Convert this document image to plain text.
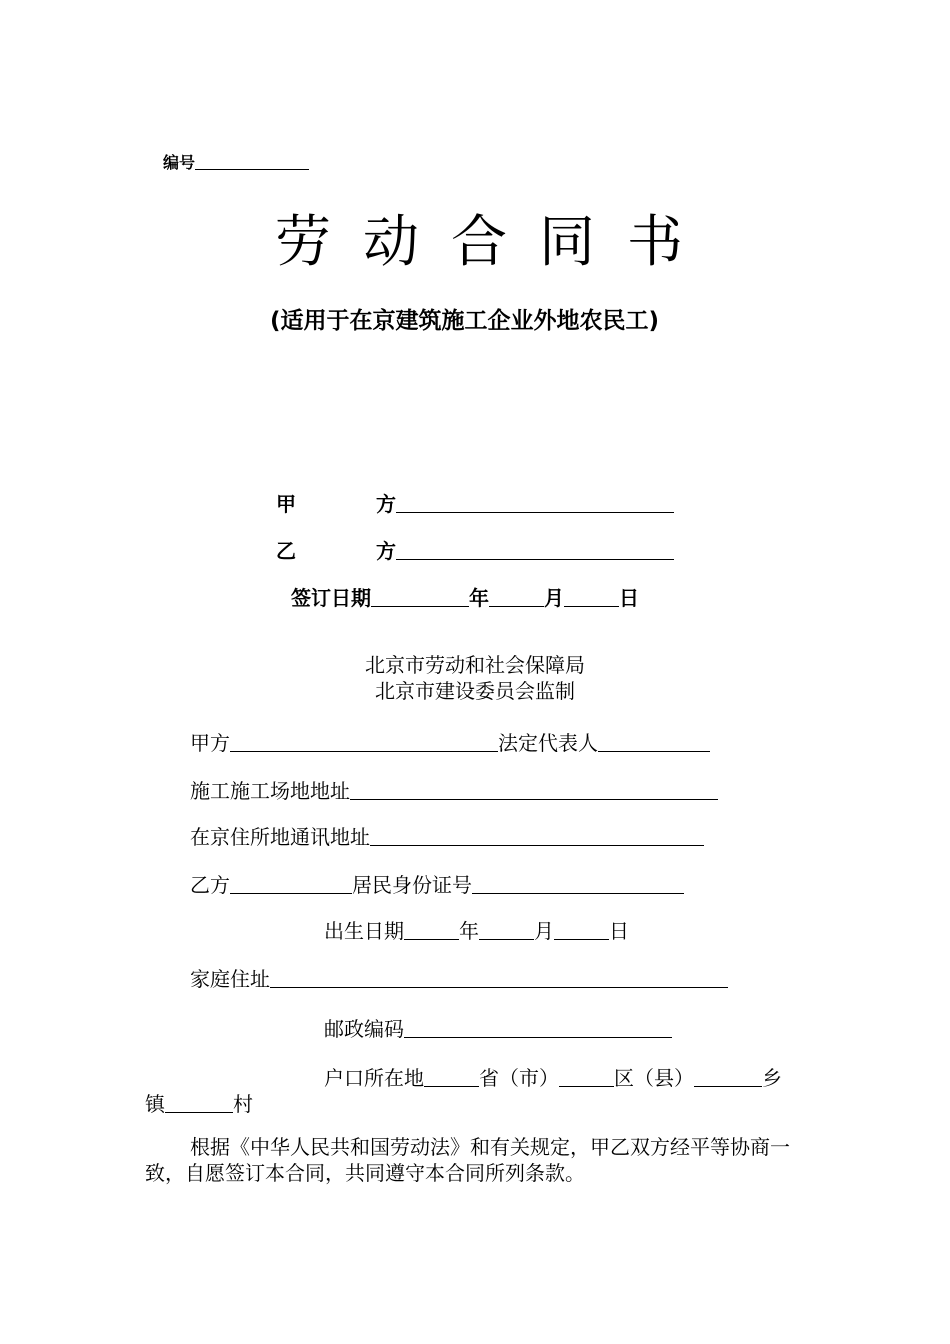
编号
劳动合同书
(适用于在京建筑施工企业外地农民工)
甲	方
乙	方
签订日期	年	月	日
北京市劳动和社会保障局
北京市建设委员会监制
甲方	法定代表人
施工施工场地地址
在京住所地通讯地址
乙方	居民身份证号
出生日期	年	月	日
家庭住址
邮政编码
户口所在地	省（市）	区（县）	乡
镇	村
根据《中华人民共和国劳动法》和有关规定，甲乙双方经平等协商一致，自愿签订本合同，共同遵守本合同所列条款。
